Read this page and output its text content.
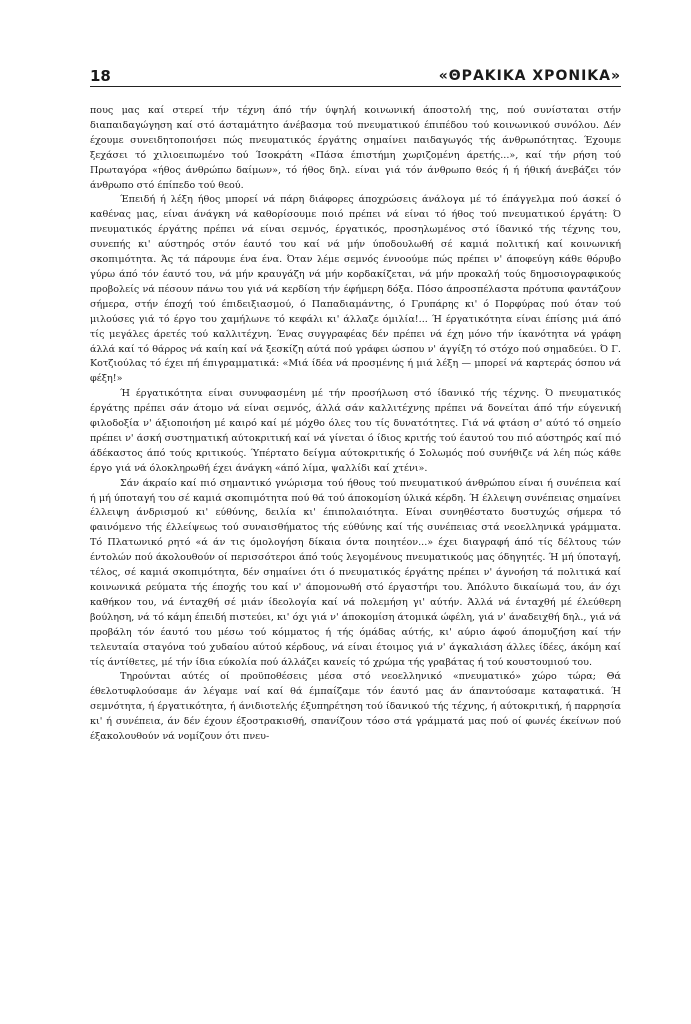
18	«ΘΡΑΚΙΚΑ ΧΡΟΝΙΚΑ»

πους μας καί στερεί τήν τέχνη άπό τήν ύψηλή κοινωνική άποστολή της, πού συνίσταται στήν διαπαιδαγώγηση καί στό άσταμάτητο άνέβασμα τού πνευματικού έπιπέδου τού κοινωνικού συνόλου. Δέν έχουμε συνειδητοποιήσει πώς πνευματικός έργάτης σημαίνει παιδαγωγός τής άνθρωπότητας. Έχουμε ξεχάσει τό χιλιοειπωμένο τού Ίσοκράτη «Πάσα έπιστήμη χωριζομένη άρετής...», καί τήν ρήση τού Πρωταγόρα «ήθος άνθρώπω δαίμων», τό ήθος δηλ. είναι γιά τόν άνθρωπο θεός ή ή ήθική άνεβάζει τόν άνθρωπο στό έπίπεδο τού θεού.

Έπειδή ή λέξη ήθος μπορεί νά πάρη διάφορες άποχρώσεις άνάλογα μέ τό έπάγγελμα πού άσκεί ό καθένας μας, είναι άνάγκη νά καθορίσουμε ποιό πρέπει νά είναι τό ήθος τού πνευματικού έργάτη: Ό πνευματικός έργάτης πρέπει νά είναι σεμνός, έργατικός, προσηλωμένος στό ίδανικό τής τέχνης του, συνεπής κι' αύστηρός στόν έαυτό του καί νά μήν ύποδουλωθή σέ καμιά πολιτική καί κοινωνική σκοπιμότητα. Άς τά πάρουμε ένα ένα. Όταν λέμε σεμνός έννοούμε πώς πρέπει ν' άποφεύγη κάθε θόρυβο γύρω άπό τόν έαυτό του, νά μήν κραυγάζη νά μήν κορδακίζεται, νά μήν προκαλή τούς δημοσιογραφικούς προβολείς νά πέσουν πάνω του γιά νά κερδίση τήν έφήμερη δόξα. Πόσο άπροσπέλαστα πρότυπα φαντάζουν σήμερα, στήν έποχή τού έπιδειξιασμού, ό Παπαδιαμάντης, ό Γρυπάρης κι' ό Πορφύρας πού όταν τού μιλούσες γιά τό έργο του χαμήλωνε τό κεφάλι κι' άλλαζε όμιλία!... Ή έργατικότητα είναι έπίσης μιά άπό τίς μεγάλες άρετές τού καλλιτέχνη. Ένας συγγραφέας δέν πρέπει νά έχη μόνο τήν ίκανότητα νά γράφη άλλά καί τό θάρρος νά καίη καί νά ξεσκίζη αύτά πού γράφει ώσπου ν' άγγίξη τό στόχο πού σημαδεύει. Ό Γ. Κοτζιούλας τό έχει πή έπιγραμματικά: «Μιά ίδέα νά προσμένης ή μιά λέξη — μπορεί νά καρτεράς όσπου νά φέξη!»

Ή έργατικότητα είναι συνυφασμένη μέ τήν προσήλωση στό ίδανικό τής τέχνης. Ό πνευματικός έργάτης πρέπει σάν άτομο νά είναι σεμνός, άλλά σάν καλλιτέχνης πρέπει νά δονείται άπό τήν εύγενική φιλοδοξία ν' άξιοποιήση μέ καιρό καί μέ μόχθο όλες του τίς δυνατότητες. Γιά νά φτάση σ' αύτό τό σημείο πρέπει ν' άσκή συστηματική αύτοκριτική καί νά γίνεται ό ίδιος κριτής τού έαυτού του πιό αύστηρός καί πιό άδέκαστος άπό τούς κριτικούς. Ύπέρτατο δείγμα αύτοκριτικής ό Σολωμός πού συνήθιζε νά λέη πώς κάθε έργο γιά νά όλοκληρωθή έχει άνάγκη «άπό λίμα, ψαλλίδι καί χτένι».

Σάν άκραίο καί πιό σημαντικό γνώρισμα τού ήθους τού πνευματικού άνθρώπου είναι ή συνέπεια καί ή μή ύποταγή του σέ καμιά σκοπιμότητα πού θά τού άποκομίση ύλικά κέρδη. Ή έλλειψη συνέπειας σημαίνει έλλειψη άνδρισμού κι' εύθύνης, δειλία κι' έπιπολαιότητα. Είναι συνηθέστατο δυστυχώς σήμερα τό φαινόμενο τής έλλείψεως τού συναισθήματος τής εύθύνης καί τής συνέπειας στά νεοελληνικά γράμματα. Τό Πλατωνικό ρητό «ά άν τις όμολογήση δίκαια όντα ποιητέον...» έχει διαγραφή άπό τίς δέλτους τών έντολών πού άκολουθούν οί περισσότεροι άπό τούς λεγομένους πνευματικούς μας όδηγητές. Ή μή ύποταγή, τέλος, σέ καμιά σκοπιμότητα, δέν σημαίνει ότι ό πνευματικός έργάτης πρέπει ν' άγνοήση τά πολιτικά καί κοινωνικά ρεύματα τής έποχής του καί ν' άπομονωθή στό έργαστήρι του. Άπόλυτο δικαίωμά του, άν όχι καθήκον του, νά ένταχθή σέ μιάν ίδεολογία καί νά πολεμήση γι' αύτήν. Άλλά νά ένταχθή μέ έλεύθερη βούληση, νά τό κάμη έπειδή πιστεύει, κι' όχι γιά ν' άποκομίση άτομικά ώφέλη, γιά ν' άναδειχθή δηλ., γιά νά προβάλη τόν έαυτό του μέσω τού κόμματος ή τής όμάδας αύτής, κι' αύριο άφού άπομυζήση καί τήν τελευταία σταγόνα τού χυδαίου αύτού κέρδους, νά είναι έτοιμος γιά ν' άγκαλιάση άλλες ίδέες, άκόμη καί τίς άντίθετες, μέ τήν ίδια εύκολία πού άλλάζει κανείς τό χρώμα τής γραβάτας ή τού κουστουμιού του.

Τηρούνται αύτές οί προϋποθέσεις μέσα στό νεοελληνικό «πνευματικό» χώρο τώρα; Θά έθελοτυφλούσαμε άν λέγαμε ναί καί θά έμπαίζαμε τόν έαυτό μας άν άπαντούσαμε καταφατικά. Ή σεμνότητα, ή έργατικότητα, ή άνιδιοτελής έξυπηρέτηση τού ίδανικού τής τέχνης, ή αύτοκριτική, ή παρρησία κι' ή συνέπεια, άν δέν έχουν έξοστρακισθή, σπανίζουν τόσο στά γράμματά μας πού οί φωνές έκείνων πού έξακολουθούν νά νομίζουν ότι πνευ-
